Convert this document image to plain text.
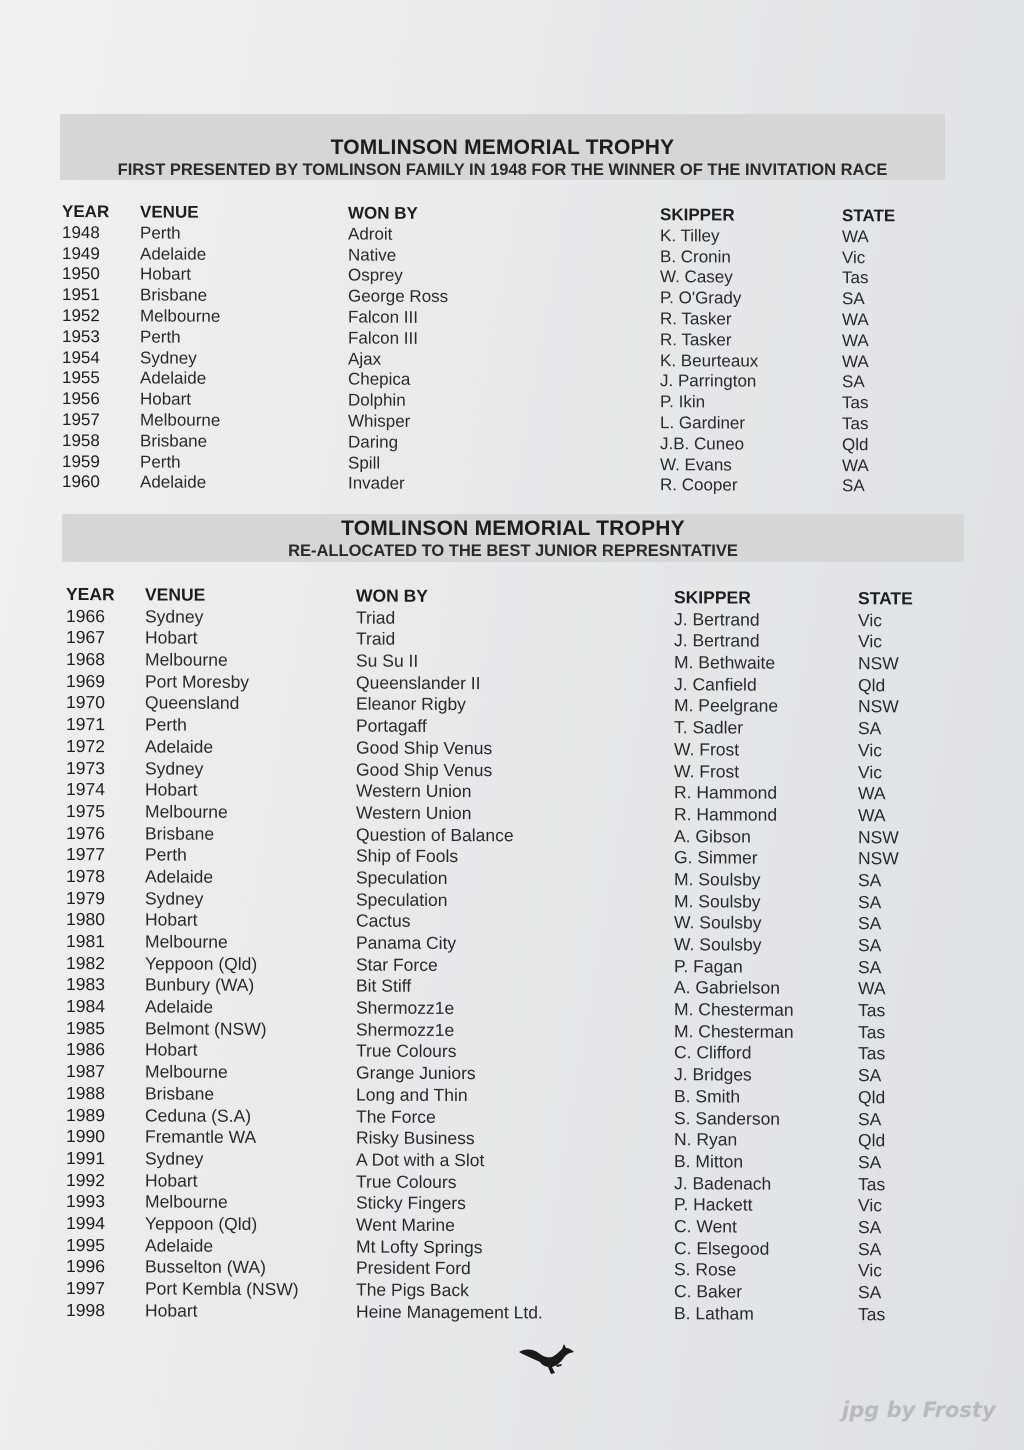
TOMLINSON MEMORIAL TROPHY
FIRST PRESENTED BY TOMLINSON FAMILY IN 1948 FOR THE WINNER OF THE INVITATION RACE
YEAR VENUE	WON BY	SKIPPER	STATE
1948 Perth	Adroit	K. Tilley	WA
1949 Adelaide	Native	B. Cronin	Vic
1950 Hobart	Osprey	W. Casey	Tas
1951 Brisbane	George Ross	P. O'Grady	SA
1952 Melbourne	Falcon III	R. Tasker	WA
1953 Perth	Falcon III	R. Tasker	WA
1954 Sydney	Ajax	K. Beurteaux	WA
1955 Adelaide	Chepica	J. Parrington	SA
1956 Hobart	Dolphin	P. Ikin	Tas
1957 Melbourne	Whisper	L. Gardiner	Tas
1958 Brisbane	Daring	J.B. Cuneo	Qld
1959 Perth	Spill	W. Evans	WA
1960 Adelaide	Invader	R. Cooper	SA
TOMLINSON MEMORIAL TROPHY
RE-ALLOCATED TO THE BEST JUNIOR REPRESNTATIVE
YEAR VENUE	WON BY	SKIPPER	STATE
1966 Sydney	Triad	J. Bertrand	Vic
1967 Hobart	Traid	J. Bertrand	Vic
1968 Melbourne	Su Su II	M. Bethwaite	NSW
1969 Port Moresby	Queenslander II	J. Canfield	Qld
1970 Queensland	Eleanor Rigby	M. Peelgrane	NSW
1971 Perth	Portagaff	T. Sadler	SA
1972 Adelaide	Good Ship Venus	W. Frost	Vic
1973 Sydney	Good Ship Venus	W. Frost	Vic
1974 Hobart	Western Union	R. Hammond	WA
1975 Melbourne	Western Union	R. Hammond	WA
1976 Brisbane	Question of Balance	A. Gibson	NSW
1977 Perth	Ship of Fools	G. Simmer	NSW
1978 Adelaide	Speculation	M. Soulsby	SA
1979 Sydney	Speculation	M. Soulsby	SA
1980 Hobart	Cactus	W. Soulsby	SA
1981 Melbourne	Panama City	W. Soulsby	SA
1982 Yeppoon (Qld)	Star Force	P. Fagan	SA
1983 Bunbury (WA)	Bit Stiff	A. Gabrielson	WA
1984 Adelaide	Shermozz1e	M. Chesterman	Tas
1985 Belmont (NSW)	Shermozz1e	M. Chesterman	Tas
1986 Hobart	True Colours	C. Clifford	Tas
1987 Melbourne	Grange Juniors	J. Bridges	SA
1988 Brisbane	Long and Thin	B. Smith	Qld
1989 Ceduna (S.A)	The Force	S. Sanderson	SA
1990 Fremantle WA	Risky Business	N. Ryan	Qld
1991 Sydney	A Dot with a Slot	B. Mitton	SA
1992 Hobart	True Colours	J. Badenach	Tas
1993 Melbourne	Sticky Fingers	P. Hackett	Vic
1994 Yeppoon (Qld)	Went Marine	C. Went	SA
1995 Adelaide	Mt Lofty Springs	C. Elsegood	SA
1996 Busselton (WA)	President Ford	S. Rose	Vic
1997 Port Kembla (NSW)	The Pigs Back	C. Baker	SA
1998 Hobart	Heine Management Ltd.	B. Latham	Tas
jpg by Frosty
